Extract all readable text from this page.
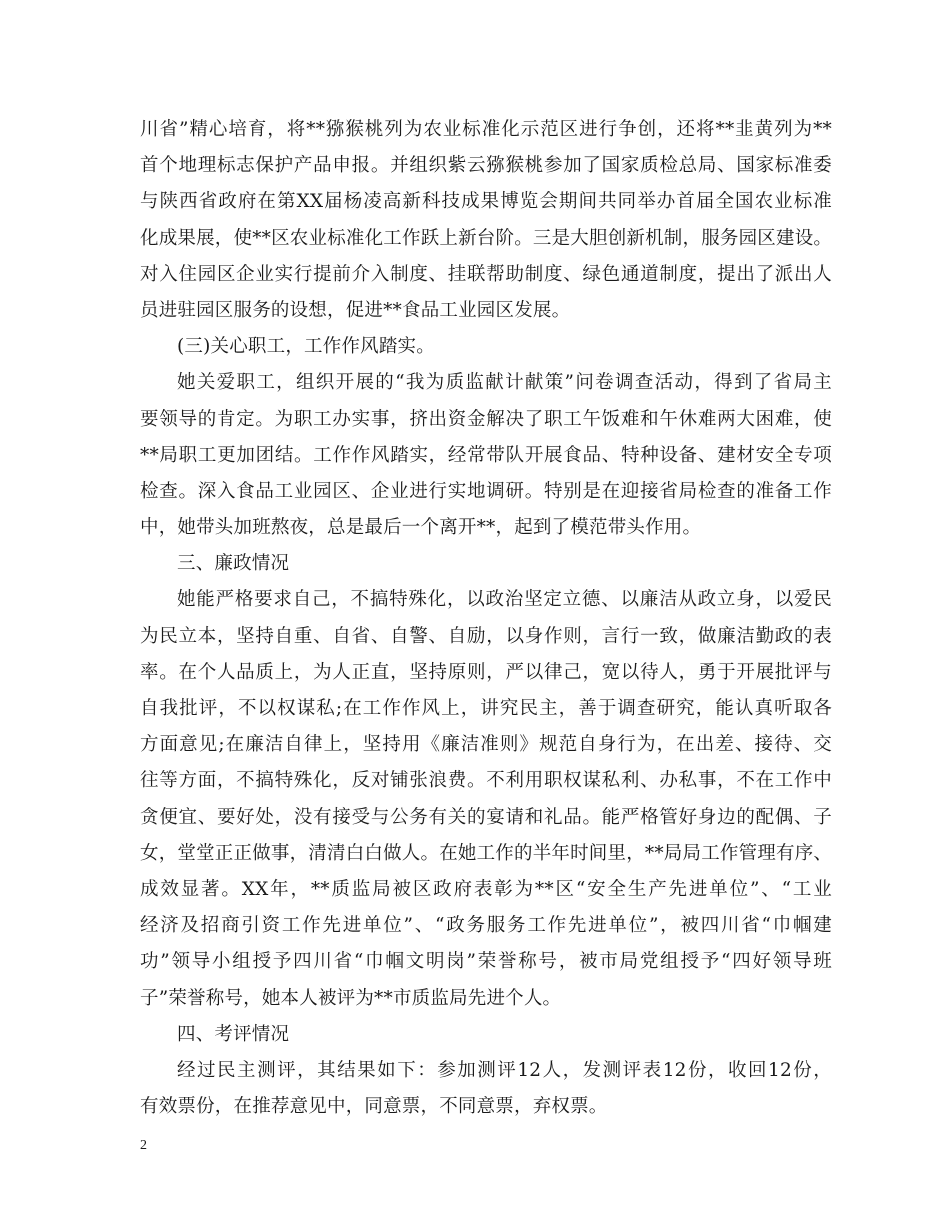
川省”精心培育，将**猕猴桃列为农业标准化示范区进行争创，还将**韭黄列为**
首个地理标志保护产品申报。并组织紫云猕猴桃参加了国家质检总局、国家标准委
与陕西省政府在第XX届杨凌高新科技成果博览会期间共同举办首届全国农业标准
化成果展，使**区农业标准化工作跃上新台阶。三是大胆创新机制，服务园区建设。
对入住园区企业实行提前介入制度、挂联帮助制度、绿色通道制度，提出了派出人
员进驻园区服务的设想，促进**食品工业园区发展。
(三)关心职工，工作作风踏实。
她关爱职工，组织开展的“我为质监献计献策”问卷调查活动，得到了省局主
要领导的肯定。为职工办实事，挤出资金解决了职工午饭难和午休难两大困难，使
**局职工更加团结。工作作风踏实，经常带队开展食品、特种设备、建材安全专项
检查。深入食品工业园区、企业进行实地调研。特别是在迎接省局检查的准备工作
中，她带头加班熬夜，总是最后一个离开**，起到了模范带头作用。
三、廉政情况
她能严格要求自己，不搞特殊化，以政治坚定立德、以廉洁从政立身，以爱民
为民立本，坚持自重、自省、自警、自励，以身作则，言行一致，做廉洁勤政的表
率。在个人品质上，为人正直，坚持原则，严以律己，宽以待人，勇于开展批评与
自我批评，不以权谋私;在工作作风上，讲究民主，善于调查研究，能认真听取各
方面意见;在廉洁自律上，坚持用《廉洁准则》规范自身行为，在出差、接待、交
往等方面，不搞特殊化，反对铺张浪费。不利用职权谋私利、办私事，不在工作中
贪便宜、要好处，没有接受与公务有关的宴请和礼品。能严格管好身边的配偶、子
女，堂堂正正做事，清清白白做人。在她工作的半年时间里，**局局工作管理有序、
成效显著。XX年，**质监局被区政府表彰为**区“安全生产先进单位”、“工业
经济及招商引资工作先进单位”、“政务服务工作先进单位”，被四川省“巾帼建
功”领导小组授予四川省“巾帼文明岗”荣誉称号，被市局党组授予“四好领导班
子”荣誉称号，她本人被评为**市质监局先进个人。
四、考评情况
经过民主测评，其结果如下：参加测评12人，发测评表12份，收回12份，
有效票份，在推荐意见中，同意票，不同意票，弃权票。
2
